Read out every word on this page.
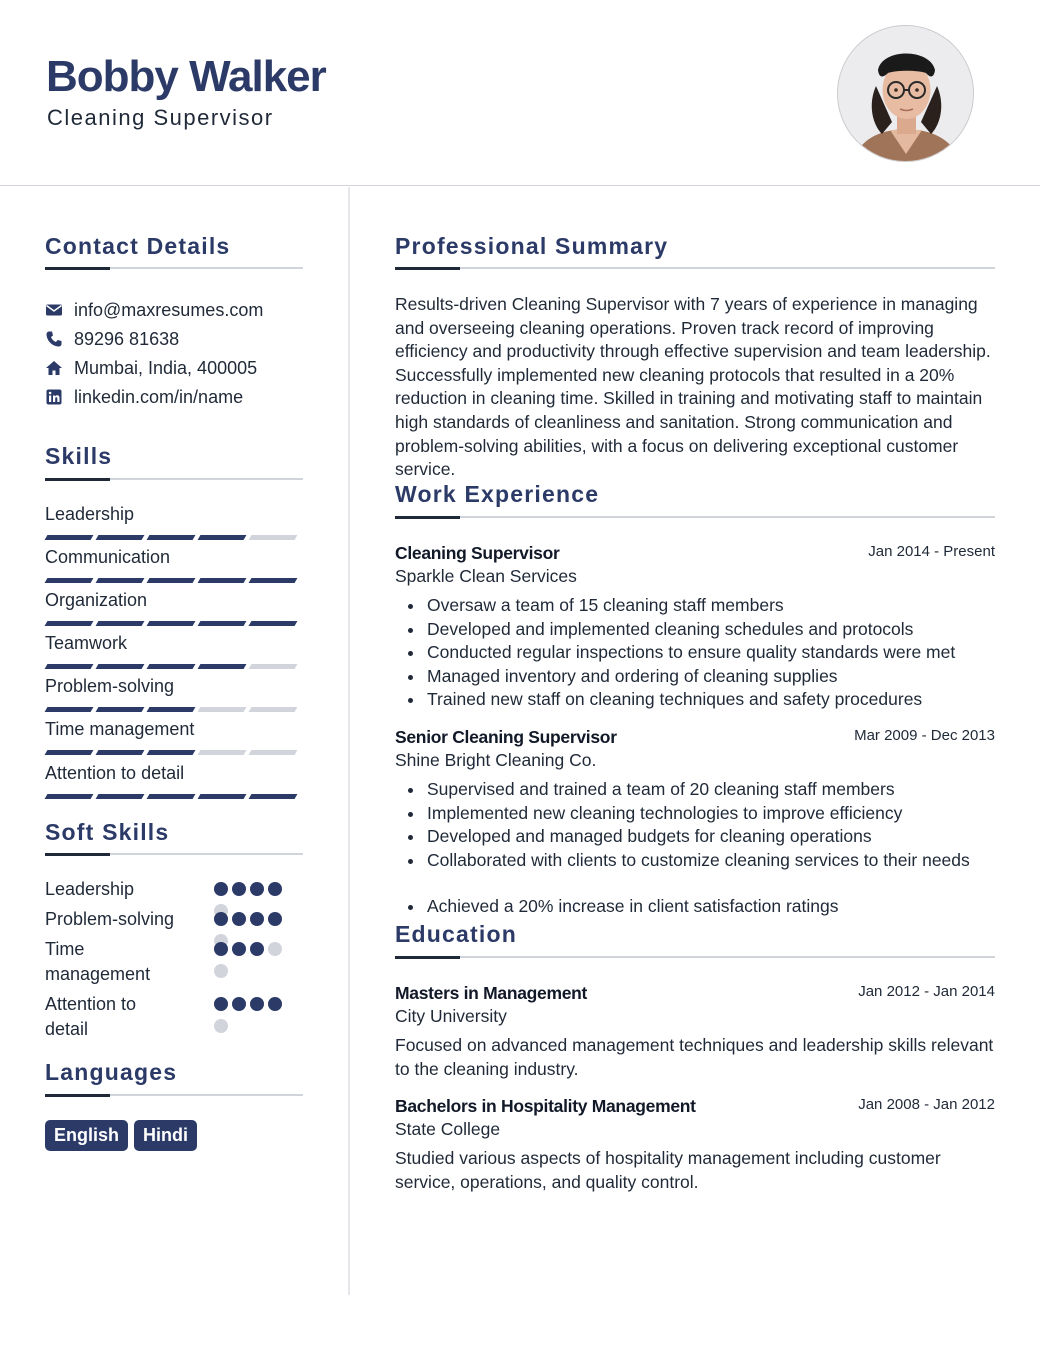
Bobby Walker
Cleaning Supervisor
Contact Details
info@maxresumes.com
89296 81638
Mumbai, India, 400005
linkedin.com/in/name
Skills
Leadership
Communication
Organization
Teamwork
Problem-solving
Time management
Attention to detail
Soft Skills
Leadership
Problem-solving
Time management
Attention to detail
Languages
English	Hindi
Professional Summary
Results-driven Cleaning Supervisor with 7 years of experience in managing and overseeing cleaning operations. Proven track record of improving efficiency and productivity through effective supervision and team leadership. Successfully implemented new cleaning protocols that resulted in a 20% reduction in cleaning time. Skilled in training and motivating staff to maintain high standards of cleanliness and sanitation. Strong communication and problem-solving abilities, with a focus on delivering exceptional customer service.
Work Experience
Cleaning Supervisor	Jan 2014 - Present
Sparkle Clean Services
Oversaw a team of 15 cleaning staff members
Developed and implemented cleaning schedules and protocols
Conducted regular inspections to ensure quality standards were met
Managed inventory and ordering of cleaning supplies
Trained new staff on cleaning techniques and safety procedures
Senior Cleaning Supervisor	Mar 2009 - Dec 2013
Shine Bright Cleaning Co.
Supervised and trained a team of 20 cleaning staff members
Implemented new cleaning technologies to improve efficiency
Developed and managed budgets for cleaning operations
Collaborated with clients to customize cleaning services to their needs
Achieved a 20% increase in client satisfaction ratings
Education
Masters in Management	Jan 2012 - Jan 2014
City University
Focused on advanced management techniques and leadership skills relevant to the cleaning industry.
Bachelors in Hospitality Management	Jan 2008 - Jan 2012
State College
Studied various aspects of hospitality management including customer service, operations, and quality control.
